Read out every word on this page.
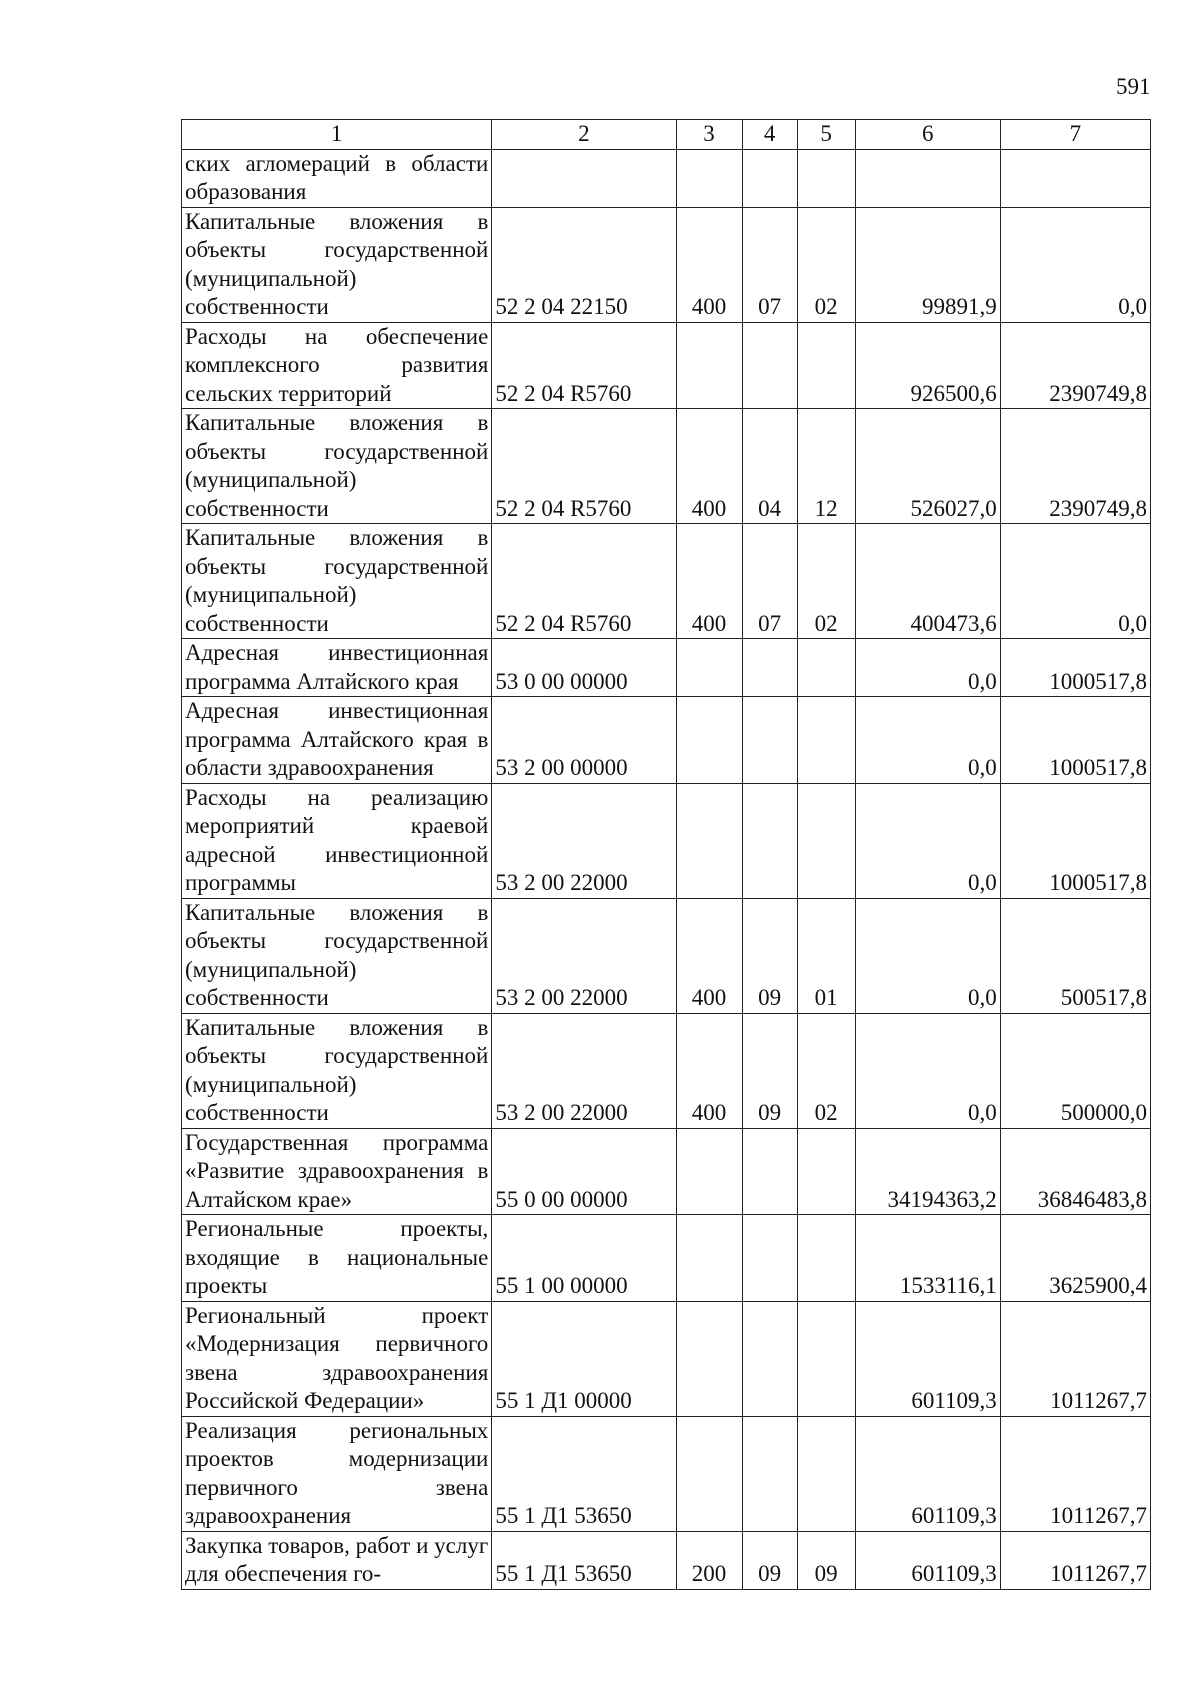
591
1	2	3	4	5	6	7
ских агломераций в области образования						
Капитальные вложения в объекты государственной (муниципальной) собственности	52 2 04 22150	400	07	02	99891,9	0,0
Расходы на обеспечение комплексного развития сельских территорий	52 2 04 R5760				926500,6	2390749,8
Капитальные вложения в объекты государственной (муниципальной) собственности	52 2 04 R5760	400	04	12	526027,0	2390749,8
Капитальные вложения в объекты государственной (муниципальной) собственности	52 2 04 R5760	400	07	02	400473,6	0,0
Адресная инвестиционная программа Алтайского края	53 0 00 00000				0,0	1000517,8
Адресная инвестиционная программа Алтайского края в области здравоохранения	53 2 00 00000				0,0	1000517,8
Расходы на реализацию мероприятий краевой адресной инвестиционной программы	53 2 00 22000				0,0	1000517,8
Капитальные вложения в объекты государственной (муниципальной) собственности	53 2 00 22000	400	09	01	0,0	500517,8
Капитальные вложения в объекты государственной (муниципальной) собственности	53 2 00 22000	400	09	02	0,0	500000,0
Государственная программа «Развитие здравоохранения в Алтайском крае»	55 0 00 00000				34194363,2	36846483,8
Региональные проекты, входящие в национальные проекты	55 1 00 00000				1533116,1	3625900,4
Региональный проект «Модернизация первичного звена здравоохранения Российской Федерации»	55 1 Д1 00000				601109,3	1011267,7
Реализация региональных проектов модернизации первичного звена здравоохранения	55 1 Д1 53650				601109,3	1011267,7
Закупка товаров, работ и услуг для обеспечения го-	55 1 Д1 53650	200	09	09	601109,3	1011267,7
